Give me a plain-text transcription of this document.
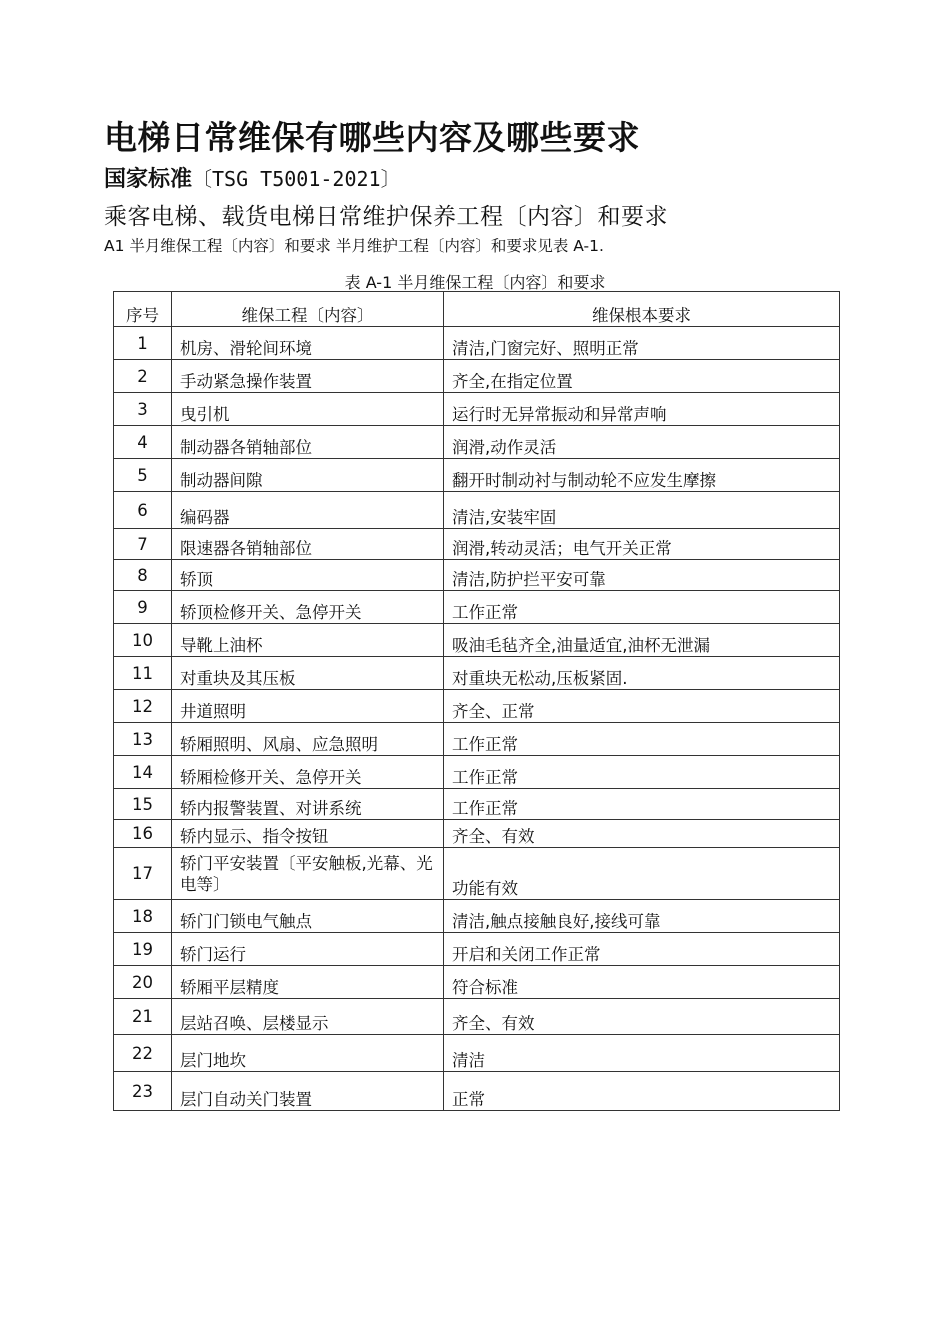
电梯日常维保有哪些内容及哪些要求
国家标准〔TSG T5001-2021〕
乘客电梯、载货电梯日常维护保养工程〔内容〕和要求
A1 半月维保工程〔内容〕和要求 半月维护工程〔内容〕和要求见表 A-1.
表 A-1 半月维保工程〔内容〕和要求
序号	维保工程〔内容〕	维保根本要求
1	机房、滑轮间环境	清洁,门窗完好、照明正常
2	手动紧急操作装置	齐全,在指定位置
3	曳引机	运行时无异常振动和异常声响
4	制动器各销轴部位	润滑,动作灵活
5	制动器间隙	翻开时制动衬与制动轮不应发生摩擦
6	编码器	清洁,安装牢固
7	限速器各销轴部位	润滑,转动灵活；电气开关正常
8	轿顶	清洁,防护拦平安可靠
9	轿顶检修开关、急停开关	工作正常
10	导靴上油杯	吸油毛毡齐全,油量适宜,油杯无泄漏
11	对重块及其压板	对重块无松动,压板紧固.
12	井道照明	齐全、正常
13	轿厢照明、风扇、应急照明	工作正常
14	轿厢检修开关、急停开关	工作正常
15	轿内报警装置、对讲系统	工作正常
16	轿内显示、指令按钮	齐全、有效
17	轿门平安装置〔平安触板,光幕、光电等〕	功能有效
18	轿门门锁电气触点	清洁,触点接触良好,接线可靠
19	轿门运行	开启和关闭工作正常
20	轿厢平层精度	符合标准
21	层站召唤、层楼显示	齐全、有效
22	层门地坎	清洁
23	层门自动关门装置	正常
